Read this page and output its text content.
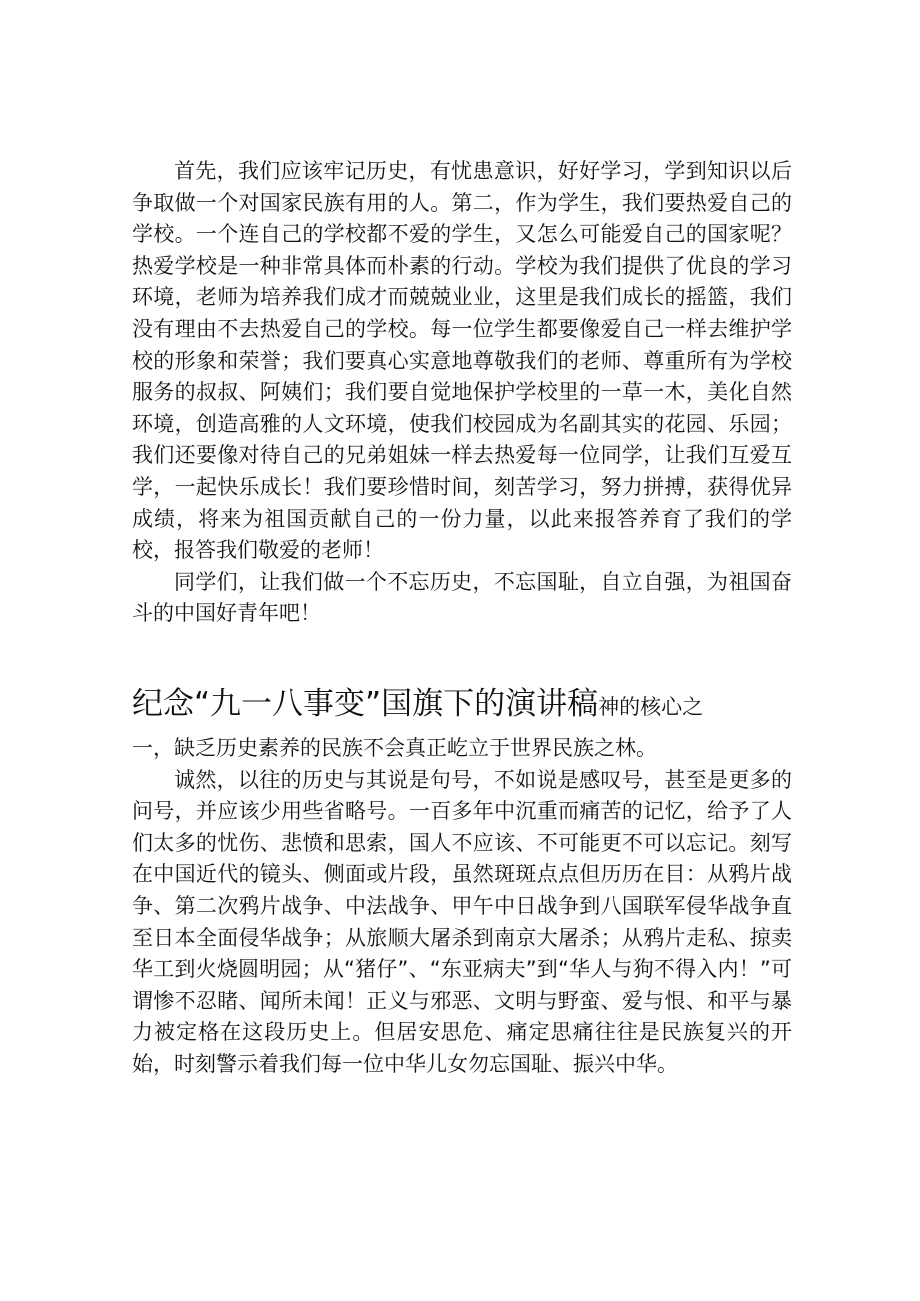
首先，我们应该牢记历史，有忧患意识，好好学习，学到知识以后争取做一个对国家民族有用的人。第二，作为学生，我们要热爱自己的学校。一个连自己的学校都不爱的学生，又怎么可能爱自己的国家呢？热爱学校是一种非常具体而朴素的行动。学校为我们提供了优良的学习环境，老师为培养我们成才而兢兢业业，这里是我们成长的摇篮，我们没有理由不去热爱自己的学校。每一位学生都要像爱自己一样去维护学校的形象和荣誉；我们要真心实意地尊敬我们的老师、尊重所有为学校服务的叔叔、阿姨们；我们要自觉地保护学校里的一草一木，美化自然环境，创造高雅的人文环境，使我们校园成为名副其实的花园、乐园；我们还要像对待自己的兄弟姐妹一样去热爱每一位同学，让我们互爱互学，一起快乐成长！我们要珍惜时间，刻苦学习，努力拼搏，获得优异成绩，将来为祖国贡献自己的一份力量，以此来报答养育了我们的学校，报答我们敬爱的老师！

同学们，让我们做一个不忘历史，不忘国耻，自立自强，为祖国奋斗的中国好青年吧！

纪念“九一八事变”国旗下的演讲稿神的核心之

一，缺乏历史素养的民族不会真正屹立于世界民族之林。

诚然，以往的历史与其说是句号，不如说是感叹号，甚至是更多的问号，并应该少用些省略号。一百多年中沉重而痛苦的记忆，给予了人们太多的忧伤、悲愤和思索，国人不应该、不可能更不可以忘记。刻写在中国近代的镜头、侧面或片段，虽然斑斑点点但历历在目：从鸦片战争、第二次鸦片战争、中法战争、甲午中日战争到八国联军侵华战争直至日本全面侵华战争；从旅顺大屠杀到南京大屠杀；从鸦片走私、掠卖华工到火烧圆明园；从“猪仔”、“东亚病夫”到“华人与狗不得入内！”可谓惨不忍睹、闻所未闻！正义与邪恶、文明与野蛮、爱与恨、和平与暴力被定格在这段历史上。但居安思危、痛定思痛往往是民族复兴的开始，时刻警示着我们每一位中华儿女勿忘国耻、振兴中华。
